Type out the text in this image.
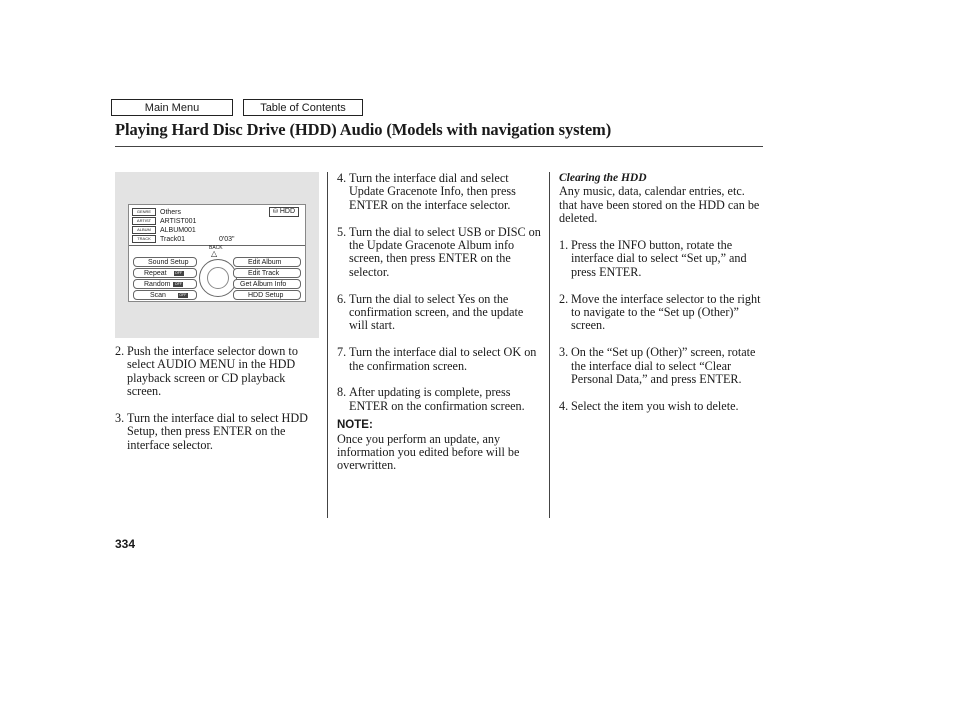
Main Menu	Table of Contents
Playing Hard Disc Drive (HDD) Audio (Models with navigation system)
GENRE Others
ARTIST ARTIST001
ALBUM ALBUM001
TRACK Track01	0'03"
⛁ HDD
BACK
△
Sound Setup
Repeat OFF
Random OFF
Scan	OFF
Edit Album
Edit Track
Get Album Info
HDD Setup
2. Push the interface selector down to select AUDIO MENU in the HDD playback screen or CD playback screen.
3. Turn the interface dial to select HDD Setup, then press ENTER on the interface selector.
4. Turn the interface dial and select Update Gracenote Info, then press ENTER on the interface selector.
5. Turn the dial to select USB or DISC on the Update Gracenote Album info screen, then press ENTER on the selector.
6. Turn the dial to select Yes on the confirmation screen, and the update will start.
7. Turn the interface dial to select OK on the confirmation screen.
8. After updating is complete, press ENTER on the confirmation screen.
NOTE:
Once you perform an update, any information you edited before will be overwritten.
Clearing the HDD
Any music, data, calendar entries, etc. that have been stored on the HDD can be deleted.
1. Press the INFO button, rotate the interface dial to select “Set up,” and press ENTER.
2. Move the interface selector to the right to navigate to the “Set up (Other)” screen.
3. On the “Set up (Other)” screen, rotate the interface dial to select “Clear Personal Data,” and press ENTER.
4. Select the item you wish to delete.
334
